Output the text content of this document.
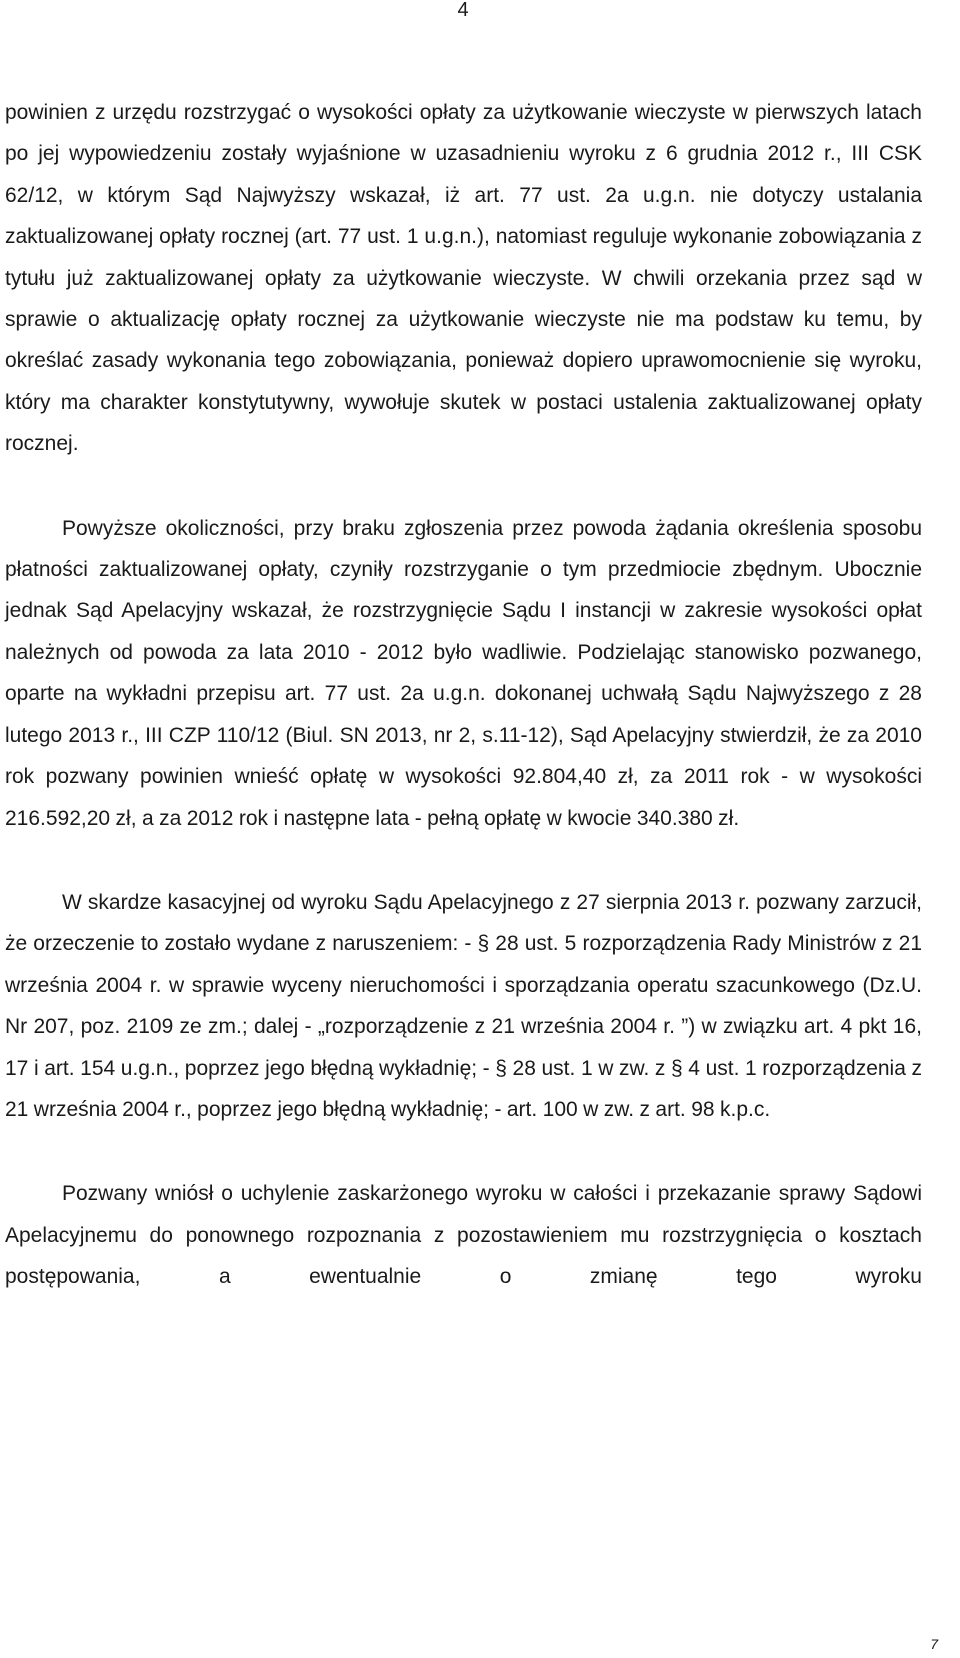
4

powinien z urzędu rozstrzygać o wysokości opłaty za użytkowanie wieczyste w pierwszych latach po jej wypowiedzeniu zostały wyjaśnione w uzasadnieniu wyroku z 6 grudnia 2012 r., III CSK 62/12, w którym Sąd Najwyższy wskazał, iż art. 77 ust. 2a u.g.n. nie dotyczy ustalania zaktualizowanej opłaty rocznej (art. 77 ust. 1 u.g.n.), natomiast reguluje wykonanie zobowiązania z tytułu już zaktualizowanej opłaty za użytkowanie wieczyste. W chwili orzekania przez sąd w sprawie o aktualizację opłaty rocznej za użytkowanie wieczyste nie ma podstaw ku temu, by określać zasady wykonania tego zobowiązania, ponieważ dopiero uprawomocnienie się wyroku, który ma charakter konstytutywny, wywołuje skutek w postaci ustalenia zaktualizowanej opłaty rocznej.

Powyższe okoliczności, przy braku zgłoszenia przez powoda żądania określenia sposobu płatności zaktualizowanej opłaty, czyniły rozstrzyganie o tym przedmiocie zbędnym. Ubocznie jednak Sąd Apelacyjny wskazał, że rozstrzygnięcie Sądu I instancji w zakresie wysokości opłat należnych od powoda za lata 2010 - 2012 było wadliwie. Podzielając stanowisko pozwanego, oparte na wykładni przepisu art. 77 ust. 2a u.g.n. dokonanej uchwałą Sądu Najwyższego z 28 lutego 2013 r., III CZP 110/12 (Biul. SN 2013, nr 2, s.11-12), Sąd Apelacyjny stwierdził, że za 2010 rok pozwany powinien wnieść opłatę w wysokości 92.804,40 zł, za 2011 rok - w wysokości 216.592,20 zł, a za 2012 rok i następne lata - pełną opłatę w kwocie 340.380 zł.

W skardze kasacyjnej od wyroku Sądu Apelacyjnego z 27 sierpnia 2013 r. pozwany zarzucił, że orzeczenie to zostało wydane z naruszeniem: - § 28 ust. 5 rozporządzenia Rady Ministrów z 21 września 2004 r. w sprawie wyceny nieruchomości i sporządzania operatu szacunkowego (Dz.U. Nr 207, poz. 2109 ze zm.; dalej - „rozporządzenie z 21 września 2004 r. ”) w związku art. 4 pkt 16, 17 i art. 154 u.g.n., poprzez jego błędną wykładnię; - § 28 ust. 1 w zw. z § 4 ust. 1 rozporządzenia z 21 września 2004 r., poprzez jego błędną wykładnię; - art. 100 w zw. z art. 98 k.p.c.

Pozwany wniósł o uchylenie zaskarżonego wyroku w całości i przekazanie sprawy Sądowi Apelacyjnemu do ponownego rozpoznania z pozostawieniem mu rozstrzygnięcia o kosztach postępowania, a ewentualnie o zmianę tego wyroku

7
